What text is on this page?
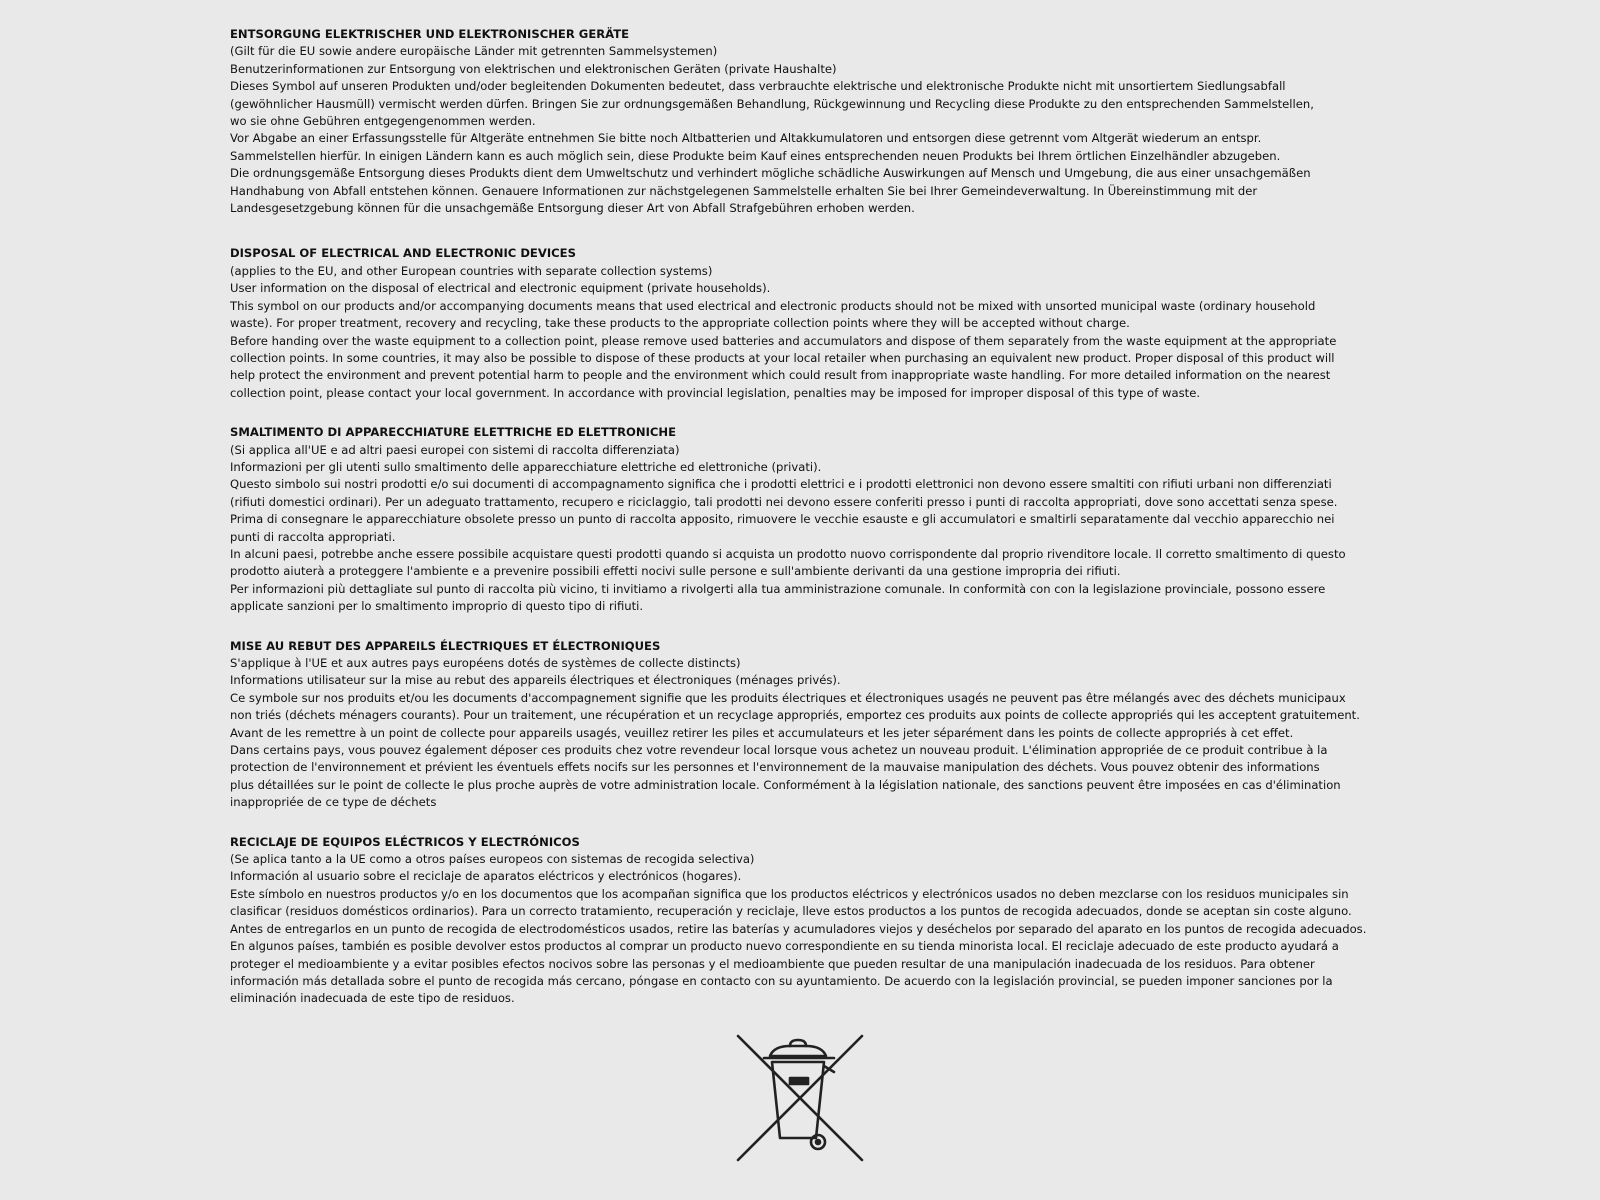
ENTSORGUNG ELEKTRISCHER UND ELEKTRONISCHER GERÄTE
(Gilt für die EU sowie andere europäische Länder mit getrennten Sammelsystemen)
Benutzerinformationen zur Entsorgung von elektrischen und elektronischen Geräten (private Haushalte)
Dieses Symbol auf unseren Produkten und/oder begleitenden Dokumenten bedeutet, dass verbrauchte elektrische und elektronische Produkte nicht mit unsortiertem Siedlungsabfall
(gewöhnlicher Hausmüll) vermischt werden dürfen. Bringen Sie zur ordnungsgemäßen Behandlung, Rückgewinnung und Recycling diese Produkte zu den entsprechenden Sammelstellen,
wo sie ohne Gebühren entgegengenommen werden.
Vor Abgabe an einer Erfassungsstelle für Altgeräte entnehmen Sie bitte noch Altbatterien und Altakkumulatoren und entsorgen diese getrennt vom Altgerät wiederum an entspr.
Sammelstellen hierfür. In einigen Ländern kann es auch möglich sein, diese Produkte beim Kauf eines entsprechenden neuen Produkts bei Ihrem örtlichen Einzelhändler abzugeben.
Die ordnungsgemäße Entsorgung dieses Produkts dient dem Umweltschutz und verhindert mögliche schädliche Auswirkungen auf Mensch und Umgebung, die aus einer unsachgemäßen
Handhabung von Abfall entstehen können. Genauere Informationen zur nächstgelegenen Sammelstelle erhalten Sie bei Ihrer Gemeindeverwaltung. In Übereinstimmung mit der
Landesgesetzgebung können für die unsachgemäße Entsorgung dieser Art von Abfall Strafgebühren erhoben werden.
DISPOSAL OF ELECTRICAL AND ELECTRONIC DEVICES
(applies to the EU, and other European countries with separate collection systems)
User information on the disposal of electrical and electronic equipment (private households).
This symbol on our products and/or accompanying documents means that used electrical and electronic products should not be mixed with unsorted municipal waste (ordinary household
waste). For proper treatment, recovery and recycling, take these products to the appropriate collection points where they will be accepted without charge.
Before handing over the waste equipment to a collection point, please remove used batteries and accumulators and dispose of them separately from the waste equipment at the appropriate
collection points. In some countries, it may also be possible to dispose of these products at your local retailer when purchasing an equivalent new product. Proper disposal of this product will
help protect the environment and prevent potential harm to people and the environment which could result from inappropriate waste handling. For more detailed information on the nearest
collection point, please contact your local government. In accordance with provincial legislation, penalties may be imposed for improper disposal of this type of waste.
SMALTIMENTO DI APPARECCHIATURE ELETTRICHE ED ELETTRONICHE
(Si applica all'UE e ad altri paesi europei con sistemi di raccolta differenziata)
Informazioni per gli utenti sullo smaltimento delle apparecchiature elettriche ed elettroniche (privati).
Questo simbolo sui nostri prodotti e/o sui documenti di accompagnamento significa che i prodotti elettrici e i prodotti elettronici non devono essere smaltiti con rifiuti urbani non differenziati
(rifiuti domestici ordinari). Per un adeguato trattamento, recupero e riciclaggio, tali prodotti nei devono essere conferiti presso i punti di raccolta appropriati, dove sono accettati senza spese.
Prima di consegnare le apparecchiature obsolete presso un punto di raccolta apposito, rimuovere le vecchie esauste e gli accumulatori e smaltirli separatamente dal vecchio apparecchio nei
punti di raccolta appropriati.
In alcuni paesi, potrebbe anche essere possibile acquistare questi prodotti quando si acquista un prodotto nuovo corrispondente dal proprio rivenditore locale. Il corretto smaltimento di questo
prodotto aiuterà a proteggere l'ambiente e a prevenire possibili effetti nocivi sulle persone e sull'ambiente derivanti da una gestione impropria dei rifiuti.
Per informazioni più dettagliate sul punto di raccolta più vicino, ti invitiamo a rivolgerti alla tua amministrazione comunale. In conformità con con la legislazione provinciale, possono essere
applicate sanzioni per lo smaltimento improprio di questo tipo di rifiuti.
MISE AU REBUT DES APPAREILS ÉLECTRIQUES ET ÉLECTRONIQUES
S'applique à l'UE et aux autres pays européens dotés de systèmes de collecte distincts)
Informations utilisateur sur la mise au rebut des appareils électriques et électroniques (ménages privés).
Ce symbole sur nos produits et/ou les documents d'accompagnement signifie que les produits électriques et électroniques usagés ne peuvent pas être mélangés avec des déchets municipaux
non triés (déchets ménagers courants). Pour un traitement, une récupération et un recyclage appropriés, emportez ces produits aux points de collecte appropriés qui les acceptent gratuitement.
Avant de les remettre à un point de collecte pour appareils usagés, veuillez retirer les piles et accumulateurs et les jeter séparément dans les points de collecte appropriés à cet effet.
Dans certains pays, vous pouvez également déposer ces produits chez votre revendeur local lorsque vous achetez un nouveau produit. L'élimination appropriée de ce produit contribue à la
protection de l'environnement et prévient les éventuels effets nocifs sur les personnes et l'environnement de la mauvaise manipulation des déchets. Vous pouvez obtenir des informations
plus détaillées sur le point de collecte le plus proche auprès de votre administration locale. Conformément à la législation nationale, des sanctions peuvent être imposées en cas d'élimination
inappropriée de ce type de déchets
RECICLAJE DE EQUIPOS ELÉCTRICOS Y ELECTRÓNICOS
(Se aplica tanto a la UE como a otros países europeos con sistemas de recogida selectiva)
Información al usuario sobre el reciclaje de aparatos eléctricos y electrónicos (hogares).
Este símbolo en nuestros productos y/o en los documentos que los acompañan significa que los productos eléctricos y electrónicos usados no deben mezclarse con los residuos municipales sin
clasificar (residuos domésticos ordinarios). Para un correcto tratamiento, recuperación y reciclaje, lleve estos productos a los puntos de recogida adecuados, donde se aceptan sin coste alguno.
Antes de entregarlos en un punto de recogida de electrodomésticos usados, retire las baterías y acumuladores viejos y deséchelos por separado del aparato en los puntos de recogida adecuados.
En algunos países, también es posible devolver estos productos al comprar un producto nuevo correspondiente en su tienda minorista local. El reciclaje adecuado de este producto ayudará a
proteger el medioambiente y a evitar posibles efectos nocivos sobre las personas y el medioambiente que pueden resultar de una manipulación inadecuada de los residuos. Para obtener
información más detallada sobre el punto de recogida más cercano, póngase en contacto con su ayuntamiento. De acuerdo con la legislación provincial, se pueden imponer sanciones por la
eliminación inadecuada de este tipo de residuos.
